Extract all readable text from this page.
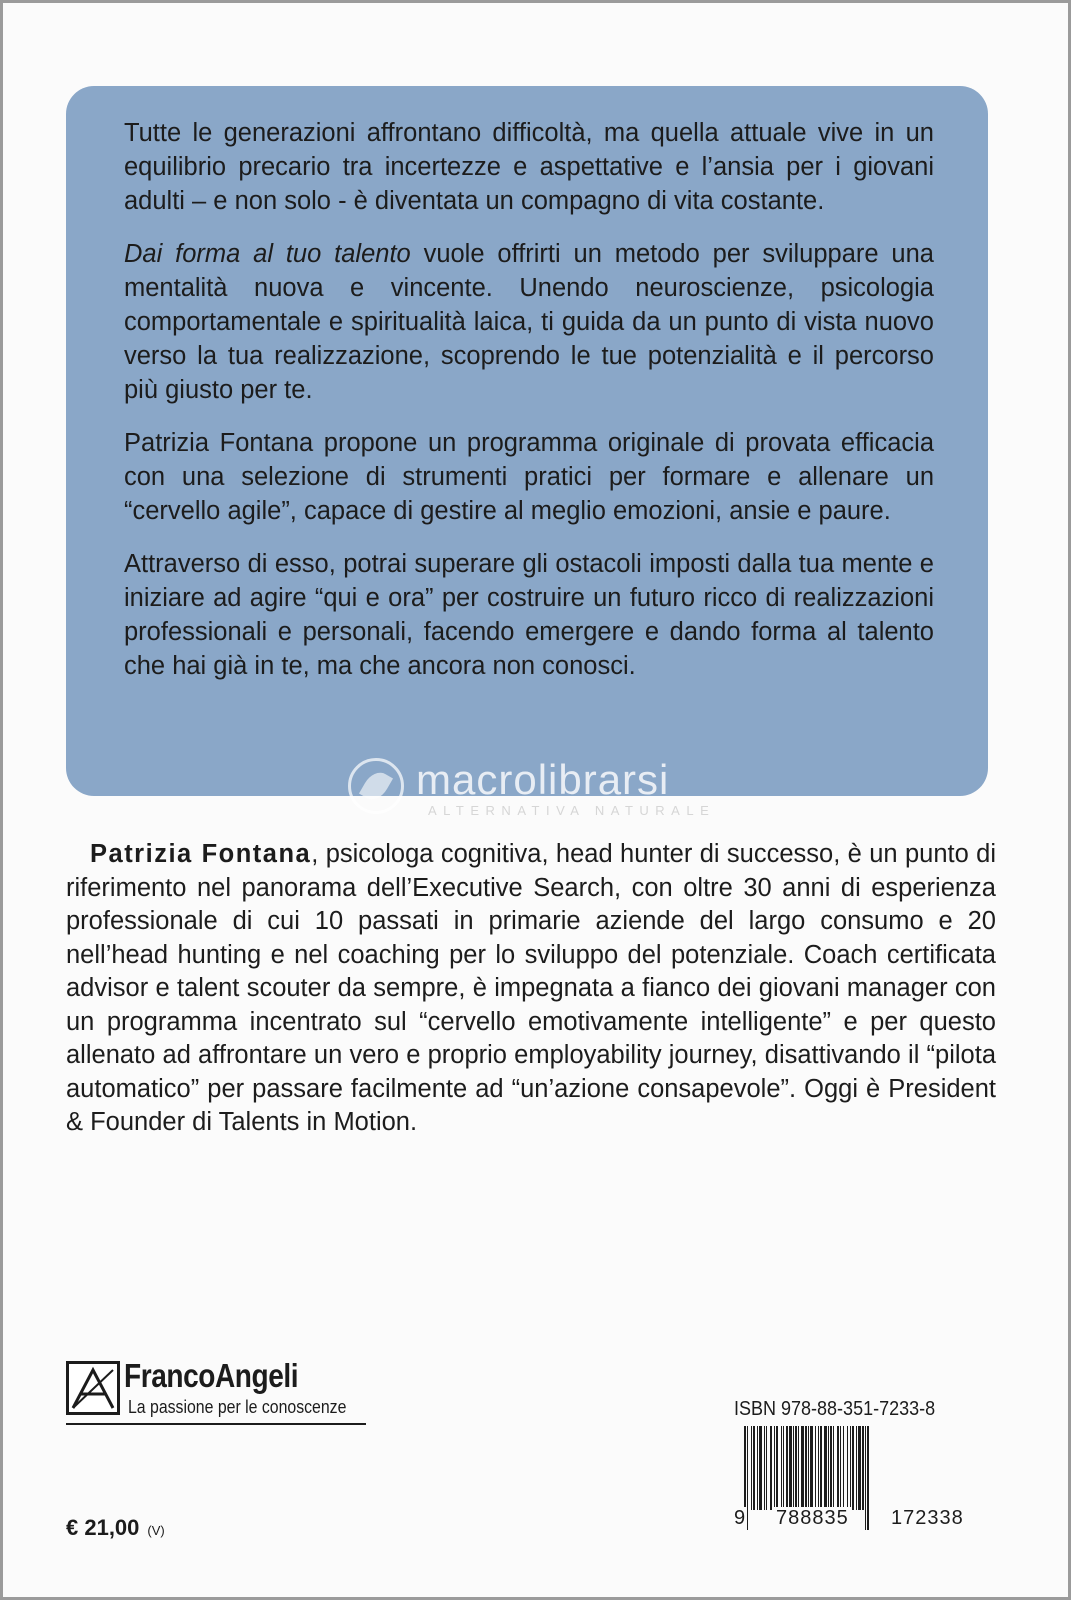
Tutte le generazioni affrontano difficoltà, ma quella attuale vive in un equilibrio precario tra incertezze e aspettative e l’ansia per i giovani adulti – e non solo - è diventata un compagno di vita costante.

Dai forma al tuo talento vuole offrirti un metodo per sviluppare una mentalità nuova e vincente. Unendo neuroscienze, psicologia comportamentale e spiritualità laica, ti guida da un punto di vista nuovo verso la tua realizzazione, scoprendo le tue potenzialità e il percorso più giusto per te.

Patrizia Fontana propone un programma originale di provata efficacia con una selezione di strumenti pratici per formare e allenare un “cervello agile”, capace di gestire al meglio emozioni, ansie e paure.

Attraverso di esso, potrai superare gli ostacoli imposti dalla tua mente e iniziare ad agire “qui e ora” per costruire un futuro ricco di realizzazioni professionali e personali, facendo emergere e dando forma al talento che hai già in te, ma che ancora non conosci.

macrolibrarsi
ALTERNATIVA NATURALE

Patrizia Fontana, psicologa cognitiva, head hunter di successo, è un punto di riferimento nel panorama dell’Executive Search, con oltre 30 anni di esperienza professionale di cui 10 passati in primarie aziende del largo consumo e 20 nell’head hunting e nel coaching per lo sviluppo del potenziale. Coach certificata advisor e talent scouter da sempre, è impegnata a fianco dei giovani manager con un programma incentrato sul “cervello emotivamente intelligente” e per questo allenato ad affrontare un vero e proprio employability journey, disattivando il “pilota automatico” per passare facilmente ad “un’azione consapevole”. Oggi è President & Founder di Talents in Motion.

FrancoAngeli
La passione per le conoscenze	ISBN 978-88-351-7233-8
9 788835 172338
€ 21,00 (V)
